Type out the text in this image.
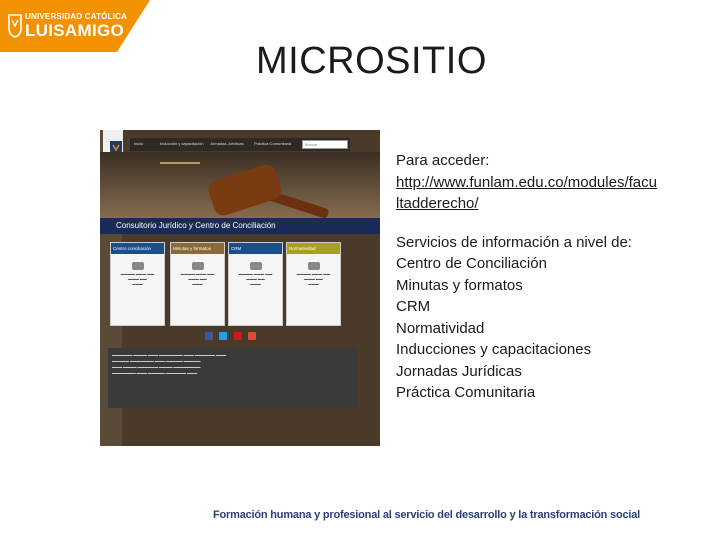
UNIVERSIDAD CATÓLICA
LUISAMIGO
MICROSITIO
Inicio	Inducción y capacitación Jornadas Jurídicas	Práctica Comunitaria	Buscar
Consultorio Jurídico y Centro de Conciliación
Centro conciliación
▬▬▬▬ ▬▬▬ ▬▬
▬▬▬ ▬▬
▬▬▬
Minutas y formatos
▬▬▬▬ ▬▬▬ ▬▬
▬▬▬ ▬▬
▬▬▬
CRM
▬▬▬▬ ▬▬▬ ▬▬
▬▬▬ ▬▬
▬▬▬
Normatividad
▬▬▬▬ ▬▬▬ ▬▬
▬▬▬ ▬▬
▬▬▬

▬▬▬▬▬▬ ▬▬▬▬ ▬▬▬ ▬▬▬▬▬▬▬ ▬▬▬ ▬▬▬▬▬▬ ▬▬▬
▬▬▬▬▬ ▬▬▬▬▬▬▬ ▬▬▬ ▬▬▬▬▬ ▬▬▬▬▬
▬▬▬ ▬▬▬▬ ▬▬▬▬▬▬ ▬▬▬▬ ▬▬▬▬▬▬▬▬
▬▬▬▬▬▬▬ ▬▬▬ ▬▬▬▬▬ ▬▬▬▬▬▬ ▬▬▬
Para acceder:
http://www.funlam.edu.co/modules/facu
ltadderecho/
Servicios de información a nivel de:
Centro de Conciliación
Minutas y formatos
CRM
Normatividad
Inducciones y capacitaciones
Jornadas Jurídicas
Práctica Comunitaria
Formación humana y profesional al servicio del desarrollo y la transformación social
